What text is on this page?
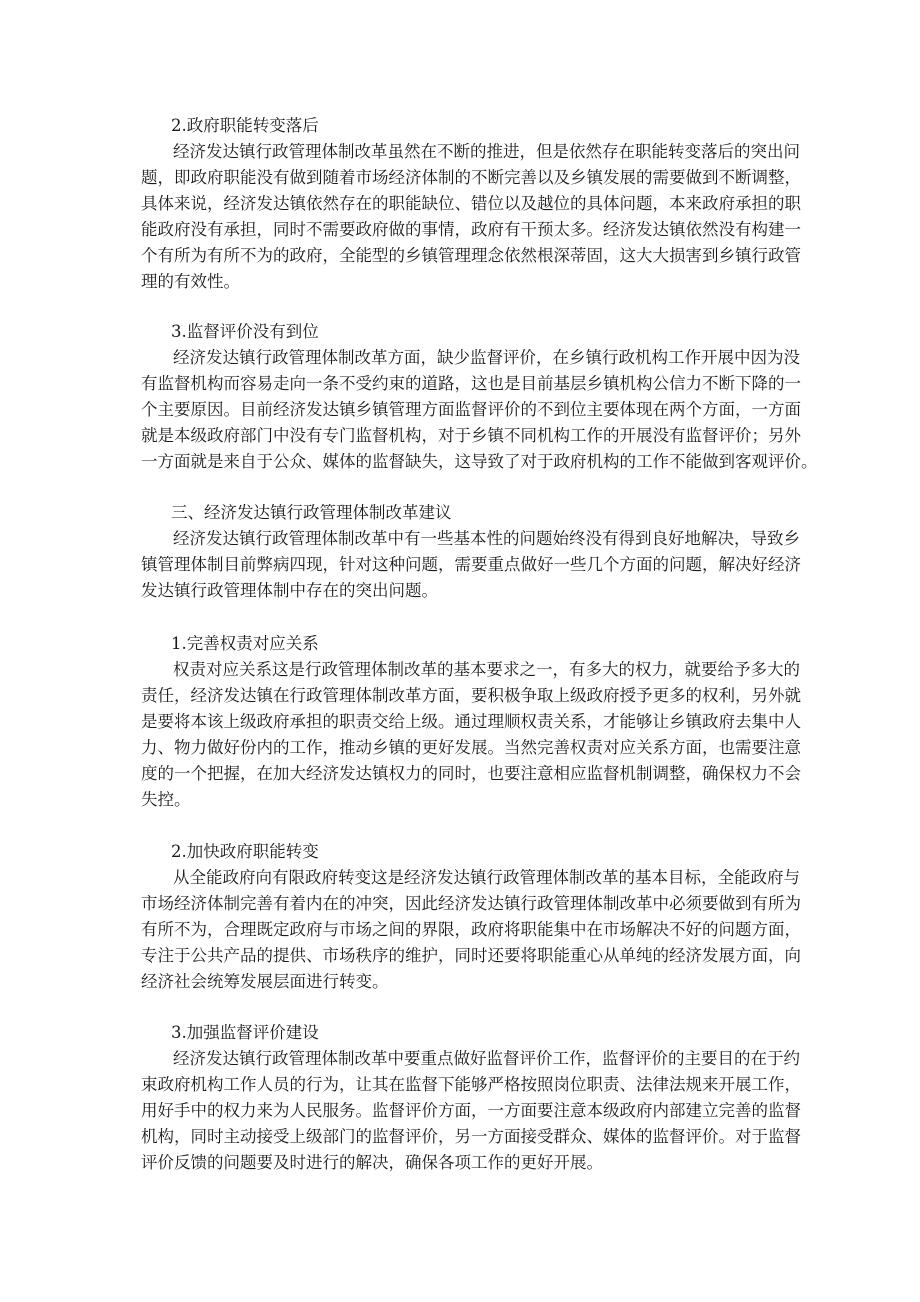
2.政府职能转变落后
经济发达镇行政管理体制改革虽然在不断的推进，但是依然存在职能转变落后的突出问
题，即政府职能没有做到随着市场经济体制的不断完善以及乡镇发展的需要做到不断调整，
具体来说，经济发达镇依然存在的职能缺位、错位以及越位的具体问题，本来政府承担的职
能政府没有承担，同时不需要政府做的事情，政府有干预太多。经济发达镇依然没有构建一
个有所为有所不为的政府，全能型的乡镇管理理念依然根深蒂固，这大大损害到乡镇行政管
理的有效性。
3.监督评价没有到位
经济发达镇行政管理体制改革方面，缺少监督评价，在乡镇行政机构工作开展中因为没
有监督机构而容易走向一条不受约束的道路，这也是目前基层乡镇机构公信力不断下降的一
个主要原因。目前经济发达镇乡镇管理方面监督评价的不到位主要体现在两个方面，一方面
就是本级政府部门中没有专门监督机构，对于乡镇不同机构工作的开展没有监督评价；另外
一方面就是来自于公众、媒体的监督缺失，这导致了对于政府机构的工作不能做到客观评价。
三、经济发达镇行政管理体制改革建议
经济发达镇行政管理体制改革中有一些基本性的问题始终没有得到良好地解决，导致乡
镇管理体制目前弊病四现，针对这种问题，需要重点做好一些几个方面的问题，解决好经济
发达镇行政管理体制中存在的突出问题。
1.完善权责对应关系
权责对应关系这是行政管理体制改革的基本要求之一，有多大的权力，就要给予多大的
责任，经济发达镇在行政管理体制改革方面，要积极争取上级政府授予更多的权利，另外就
是要将本该上级政府承担的职责交给上级。通过理顺权责关系，才能够让乡镇政府去集中人
力、物力做好份内的工作，推动乡镇的更好发展。当然完善权责对应关系方面，也需要注意
度的一个把握，在加大经济发达镇权力的同时，也要注意相应监督机制调整，确保权力不会
失控。
2.加快政府职能转变
从全能政府向有限政府转变这是经济发达镇行政管理体制改革的基本目标，全能政府与
市场经济体制完善有着内在的冲突，因此经济发达镇行政管理体制改革中必须要做到有所为
有所不为，合理既定政府与市场之间的界限，政府将职能集中在市场解决不好的问题方面，
专注于公共产品的提供、市场秩序的维护，同时还要将职能重心从单纯的经济发展方面，向
经济社会统筹发展层面进行转变。
3.加强监督评价建设
经济发达镇行政管理体制改革中要重点做好监督评价工作，监督评价的主要目的在于约
束政府机构工作人员的行为，让其在监督下能够严格按照岗位职责、法律法规来开展工作，
用好手中的权力来为人民服务。监督评价方面，一方面要注意本级政府内部建立完善的监督
机构，同时主动接受上级部门的监督评价，另一方面接受群众、媒体的监督评价。对于监督
评价反馈的问题要及时进行的解决，确保各项工作的更好开展。
